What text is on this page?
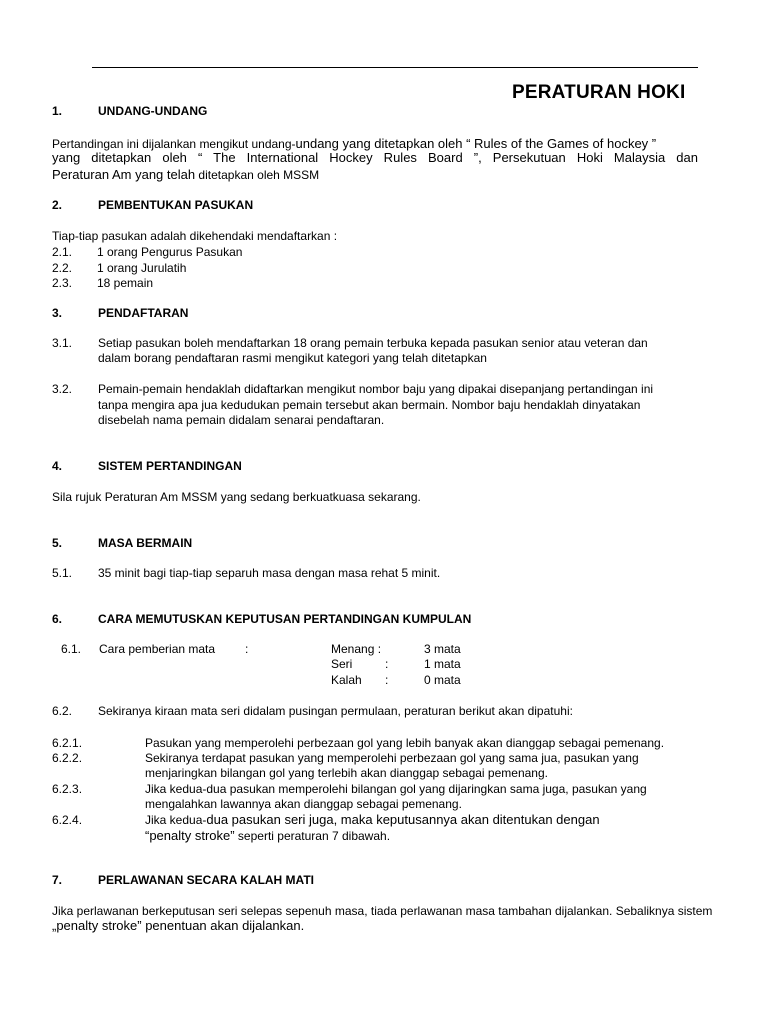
PERATURAN HOKI
1.	UNDANG-UNDANG
Pertandingan ini dijalankan mengikut undang-undang yang ditetapkan oleh “ Rules of the Games of hockey ”
yang ditetapkan oleh “ The International Hockey Rules Board ”, Persekutuan Hoki Malaysia dan
Peraturan Am yang telah ditetapkan oleh MSSM
2.	PEMBENTUKAN PASUKAN
Tiap-tiap pasukan adalah dikehendaki mendaftarkan :
2.1. 1 orang Pengurus Pasukan
2.2. 1 orang Jurulatih
2.3. 18 pemain
3.	PENDAFTARAN
3.1. Setiap pasukan boleh mendaftarkan 18 orang pemain terbuka kepada pasukan senior atau veteran dan
dalam borang pendaftaran rasmi mengikut kategori yang telah ditetapkan
3.2. Pemain-pemain hendaklah didaftarkan mengikut nombor baju yang dipakai disepanjang pertandingan ini
tanpa mengira apa jua kedudukan pemain tersebut akan bermain. Nombor baju hendaklah dinyatakan
disebelah nama pemain didalam senarai pendaftaran.
4.	SISTEM PERTANDINGAN
Sila rujuk Peraturan Am MSSM yang sedang berkuatkuasa sekarang.
5.	MASA BERMAIN
5.1. 35 minit bagi tiap-tiap separuh masa dengan masa rehat 5 minit.
6.	CARA MEMUTUSKAN KEPUTUSAN PERTANDINGAN KUMPULAN
6.1. Cara pemberian mata :	Menang :	3 mata
Seri	:	1 mata
Kalah :	0 mata
6.2. Sekiranya kiraan mata seri didalam pusingan permulaan, peraturan berikut akan dipatuhi:
6.2.1.	Pasukan yang memperolehi perbezaan gol yang lebih banyak akan dianggap sebagai pemenang.
6.2.2.	Sekiranya terdapat pasukan yang memperolehi perbezaan gol yang sama jua, pasukan yang
menjaringkan bilangan gol yang terlebih akan dianggap sebagai pemenang.
6.2.3.	Jika kedua-dua pasukan memperolehi bilangan gol yang dijaringkan sama juga, pasukan yang
mengalahkan lawannya akan dianggap sebagai pemenang.
6.2.4.	Jika kedua-dua pasukan seri juga, maka keputusannya akan ditentukan dengan
“penalty stroke” seperti peraturan 7 dibawah.
7.	PERLAWANAN SECARA KALAH MATI
Jika perlawanan berkeputusan seri selepas sepenuh masa, tiada perlawanan masa tambahan dijalankan. Sebaliknya sistem
„penalty stroke” penentuan akan dijalankan.
